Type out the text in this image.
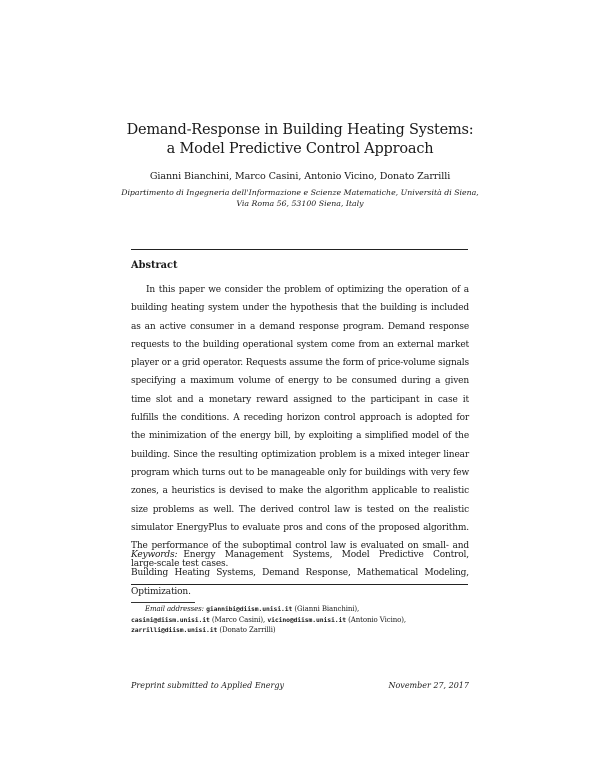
Demand-Response in Building Heating Systems:
a Model Predictive Control Approach
Gianni Bianchini, Marco Casini, Antonio Vicino, Donato Zarrilli
Dipartimento di Ingegneria dell'Informazione e Scienze Matematiche, Università di Siena,
Via Roma 56, 53100 Siena, Italy
Abstract
In this paper we consider the problem of optimizing the operation of a building heating system under the hypothesis that the building is included as an active consumer in a demand response program. Demand response requests to the building operational system come from an external market player or a grid operator. Requests assume the form of price-volume signals specifying a maximum volume of energy to be consumed during a given time slot and a monetary reward assigned to the participant in case it fulfills the conditions. A receding horizon control approach is adopted for the minimization of the energy bill, by exploiting a simplified model of the building. Since the resulting optimization problem is a mixed integer linear program which turns out to be manageable only for buildings with very few zones, a heuristics is devised to make the algorithm applicable to realistic size problems as well. The derived control law is tested on the realistic simulator EnergyPlus to evaluate pros and cons of the proposed algorithm. The performance of the suboptimal control law is evaluated on small- and large-scale test cases.
Keywords: Energy Management Systems, Model Predictive Control, Building Heating Systems, Demand Response, Mathematical Modeling, Optimization.
Email addresses: giannibi@diism.unisi.it (Gianni Bianchini),
casini@diism.unisi.it (Marco Casini), vicino@diism.unisi.it (Antonio Vicino),
zarrilli@diism.unisi.it (Donato Zarrilli)
Preprint submitted to Applied Energy	November 27, 2017
